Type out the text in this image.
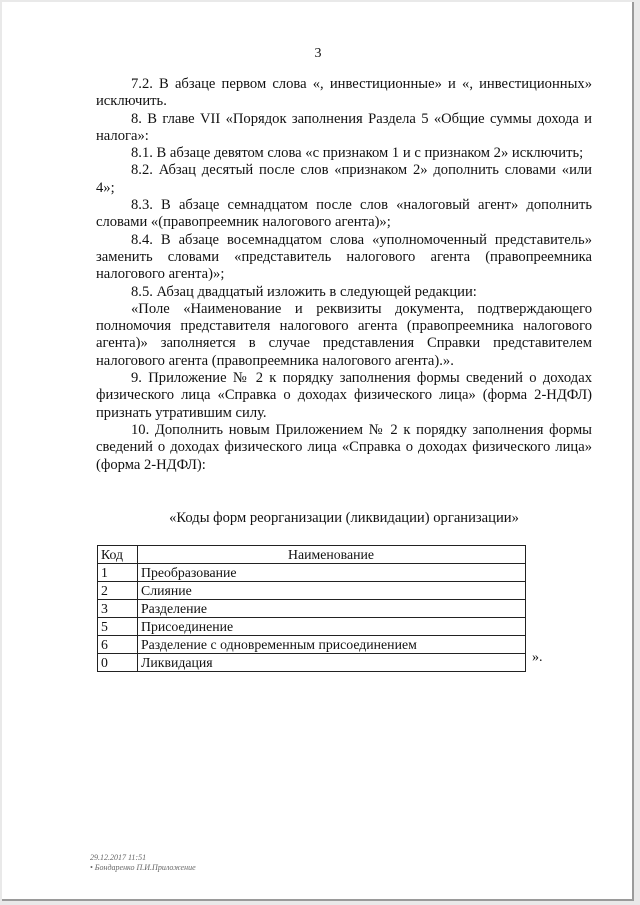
3

7.2. В абзаце первом слова «, инвестиционные» и «, инвестиционных» исключить.

8. В главе VII «Порядок заполнения Раздела 5 «Общие суммы дохода и налога»:

8.1. В абзаце девятом слова «с признаком 1 и с признаком 2» исключить;

8.2. Абзац десятый после слов «признаком 2» дополнить словами «или 4»;

8.3. В абзаце семнадцатом после слов «налоговый агент» дополнить словами «(правопреемник налогового агента)»;

8.4. В абзаце восемнадцатом слова «уполномоченный представитель» заменить словами «представитель налогового агента (правопреемника налогового агента)»;

8.5. Абзац двадцатый изложить в следующей редакции:

«Поле «Наименование и реквизиты документа, подтверждающего полномочия представителя налогового агента (правопреемника налогового агента)» заполняется в случае представления Справки представителем налогового агента (правопреемника налогового агента).».

9. Приложение № 2 к порядку заполнения формы сведений о доходах физического лица «Справка о доходах физического лица» (форма 2-НДФЛ) признать утратившим силу.

10. Дополнить новым Приложением № 2 к порядку заполнения формы сведений о доходах физического лица «Справка о доходах физического лица» (форма 2-НДФЛ):

«Коды форм реорганизации (ликвидации) организации»
Код	Наименование
1	Преобразование
2	Слияние
3	Разделение
5	Присоединение
6	Разделение с одновременным присоединением
0	Ликвидация	».
29.12.2017 11:51
• Бондаренко П.И.Приложение
